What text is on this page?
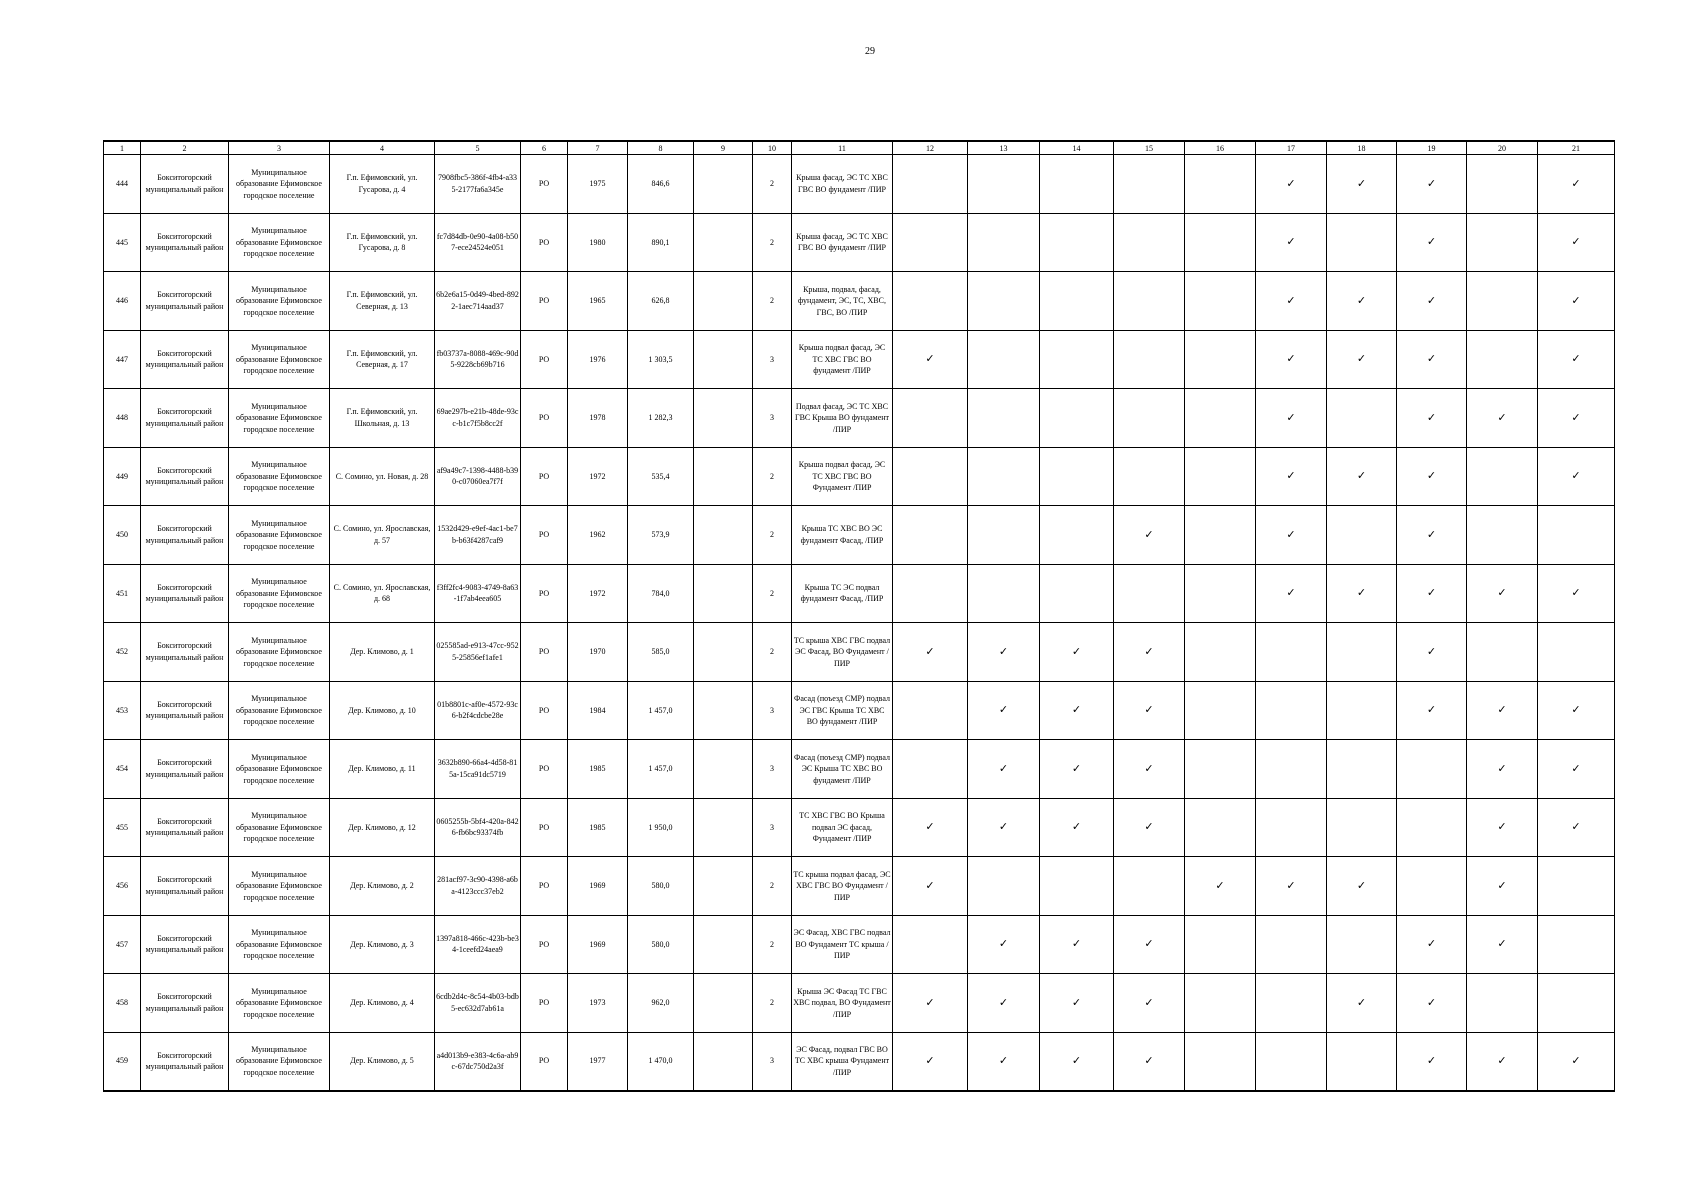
29
1	2	3	4	5	6	7	8	9	10	11	12	13	14	15	16	17	18	19	20	21
444	Бокситогорский муниципальный район	Муниципальное образование Ефимовское городское поселение	Г.п. Ефимовский, ул. Гусарова, д. 4	7908fbc5-386f-4fb4-a335-2177fa6a345e	РО	1975	846,6		2	Крыша фасад, ЭС ТС ХВС ГВС ВО фундамент /ПИР						✓	✓	✓		✓
445	Бокситогорский муниципальный район	Муниципальное образование Ефимовское городское поселение	Г.п. Ефимовский, ул. Гусарова, д. 8	fc7d84db-0e90-4a08-b507-ece24524e051	РО	1980	890,1		2	Крыша фасад, ЭС ТС ХВС ГВС ВО фундамент /ПИР						✓		✓		✓
446	Бокситогорский муниципальный район	Муниципальное образование Ефимовское городское поселение	Г.п. Ефимовский, ул. Северная, д. 13	6b2e6a15-0d49-4bed-8922-1aec714aad37	РО	1965	626,8		2	Крыша, подвал, фасад, фундамент, ЭС, ТС, ХВС, ГВС, ВО /ПИР						✓	✓	✓		✓
447	Бокситогорский муниципальный район	Муниципальное образование Ефимовское городское поселение	Г.п. Ефимовский, ул. Северная, д. 17	fb03737a-8088-469c-90d5-9228cb69b716	РО	1976	1 303,5		3	Крыша подвал фасад, ЭС ТС ХВС ГВС ВО фундамент /ПИР	✓					✓	✓	✓		✓
448	Бокситогорский муниципальный район	Муниципальное образование Ефимовское городское поселение	Г.п. Ефимовский, ул. Школьная, д. 13	69ae297b-e21b-48de-93cc-b1c7f5b8cc2f	РО	1978	1 282,3		3	Подвал фасад, ЭС ТС ХВС ГВС Крыша ВО фундамент /ПИР						✓		✓	✓	✓
449	Бокситогорский муниципальный район	Муниципальное образование Ефимовское городское поселение	С. Сомино, ул. Новая, д. 28	af9a49c7-1398-4488-b390-c07060ea7f7f	РО	1972	535,4		2	Крыша подвал фасад, ЭС ТС ХВС ГВС ВО Фундамент /ПИР						✓	✓	✓		✓
450	Бокситогорский муниципальный район	Муниципальное образование Ефимовское городское поселение	С. Сомино, ул. Ярославская, д. 57	1532d429-e9ef-4ac1-be7b-b63f4287caf9	РО	1962	573,9		2	Крыша ТС ХВС ВО ЭС фундамент Фасад, /ПИР				✓		✓		✓		
451	Бокситогорский муниципальный район	Муниципальное образование Ефимовское городское поселение	С. Сомино, ул. Ярославская, д. 68	f3ff2fc4-9083-4749-8a63-1f7ab4eea605	РО	1972	784,0		2	Крыша ТС ЭС подвал фундамент Фасад, /ПИР						✓	✓	✓	✓	✓
452	Бокситогорский муниципальный район	Муниципальное образование Ефимовское городское поселение	Дер. Климово, д. 1	025585ad-e913-47cc-9525-25856ef1afe1	РО	1970	585,0		2	ТС крыша ХВС ГВС подвал ЭС Фасад, ВО Фундамент /ПИР	✓	✓	✓	✓				✓		
453	Бокситогорский муниципальный район	Муниципальное образование Ефимовское городское поселение	Дер. Климово, д. 10	01b8801c-af0e-4572-93c6-b2f4cdcbe28e	РО	1984	1 457,0		3	Фасад (поъезд СМР) подвал ЭС ГВС Крыша ТС ХВС ВО фундамент /ПИР		✓	✓	✓				✓	✓	✓
454	Бокситогорский муниципальный район	Муниципальное образование Ефимовское городское поселение	Дер. Климово, д. 11	3632b890-66a4-4d58-815a-15ca91dc5719	РО	1985	1 457,0		3	Фасад (поъезд СМР) подвал ЭС Крыша ТС ХВС ВО фундамент /ПИР		✓	✓	✓					✓	✓
455	Бокситогорский муниципальный район	Муниципальное образование Ефимовское городское поселение	Дер. Климово, д. 12	0605255b-5bf4-420a-8426-fb6bc93374fb	РО	1985	1 950,0		3	ТС ХВС ГВС ВО Крыша подвал ЭС фасад, Фундамент /ПИР	✓	✓	✓	✓					✓	✓
456	Бокситогорский муниципальный район	Муниципальное образование Ефимовское городское поселение	Дер. Климово, д. 2	281acf97-3c90-4398-a6ba-4123ccc37eb2	РО	1969	580,0		2	ТС крыша подвал фасад, ЭС ХВС ГВС ВО Фундамент /ПИР	✓				✓	✓	✓		✓	
457	Бокситогорский муниципальный район	Муниципальное образование Ефимовское городское поселение	Дер. Климово, д. 3	1397a818-466c-423b-be34-1ceefd24aea9	РО	1969	580,0		2	ЭС Фасад, ХВС ГВС подвал ВО Фундамент ТС крыша /ПИР		✓	✓	✓				✓	✓	
458	Бокситогорский муниципальный район	Муниципальное образование Ефимовское городское поселение	Дер. Климово, д. 4	6cdb2d4c-8c54-4b03-bdb5-ec632d7ab61a	РО	1973	962,0		2	Крыша ЭС Фасад ТС ГВС ХВС подвал, ВО Фундамент /ПИР	✓	✓	✓	✓			✓	✓		
459	Бокситогорский муниципальный район	Муниципальное образование Ефимовское городское поселение	Дер. Климово, д. 5	a4d013b9-e383-4c6a-ab9c-67dc750d2a3f	РО	1977	1 470,0		3	ЭС Фасад, подвал ГВС ВО ТС ХВС крыша Фундамент /ПИР	✓	✓	✓	✓				✓	✓	✓
